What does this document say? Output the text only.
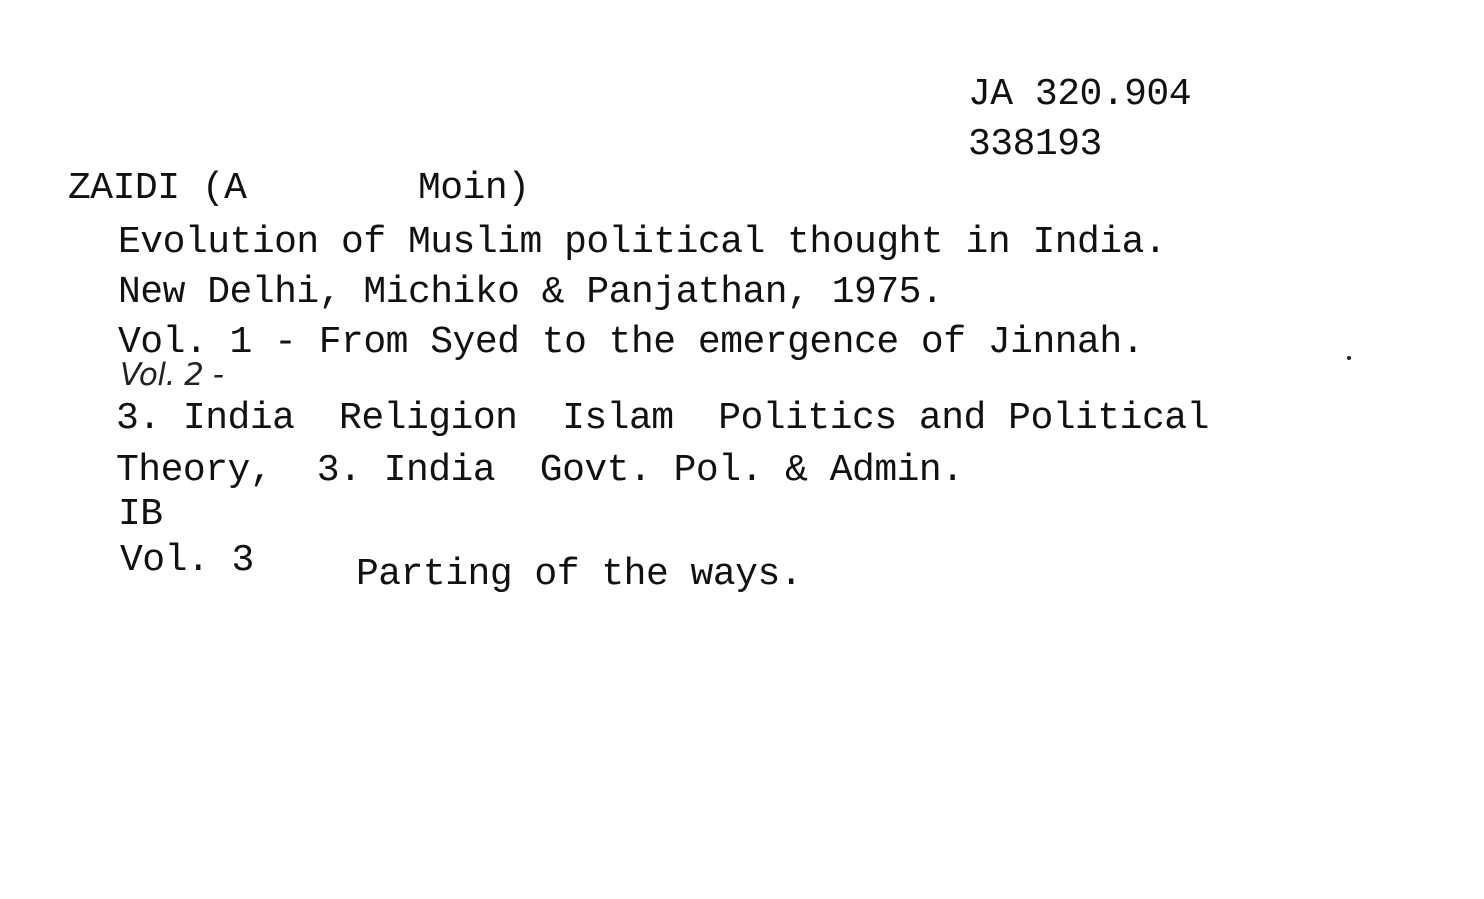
JA 320.904
338193
ZAIDI (A	Moin)
Evolution of Muslim political thought in India.
New Delhi, Michiko & Panjathan, 1975.
Vol. 1 - From Syed to the emergence of Jinnah.
Vol. 2 -
3. India  Religion  Islam  Politics and Political
Theory,  3. India  Govt. Pol. & Admin.
IB
Vol. 3	Parting of the ways.
